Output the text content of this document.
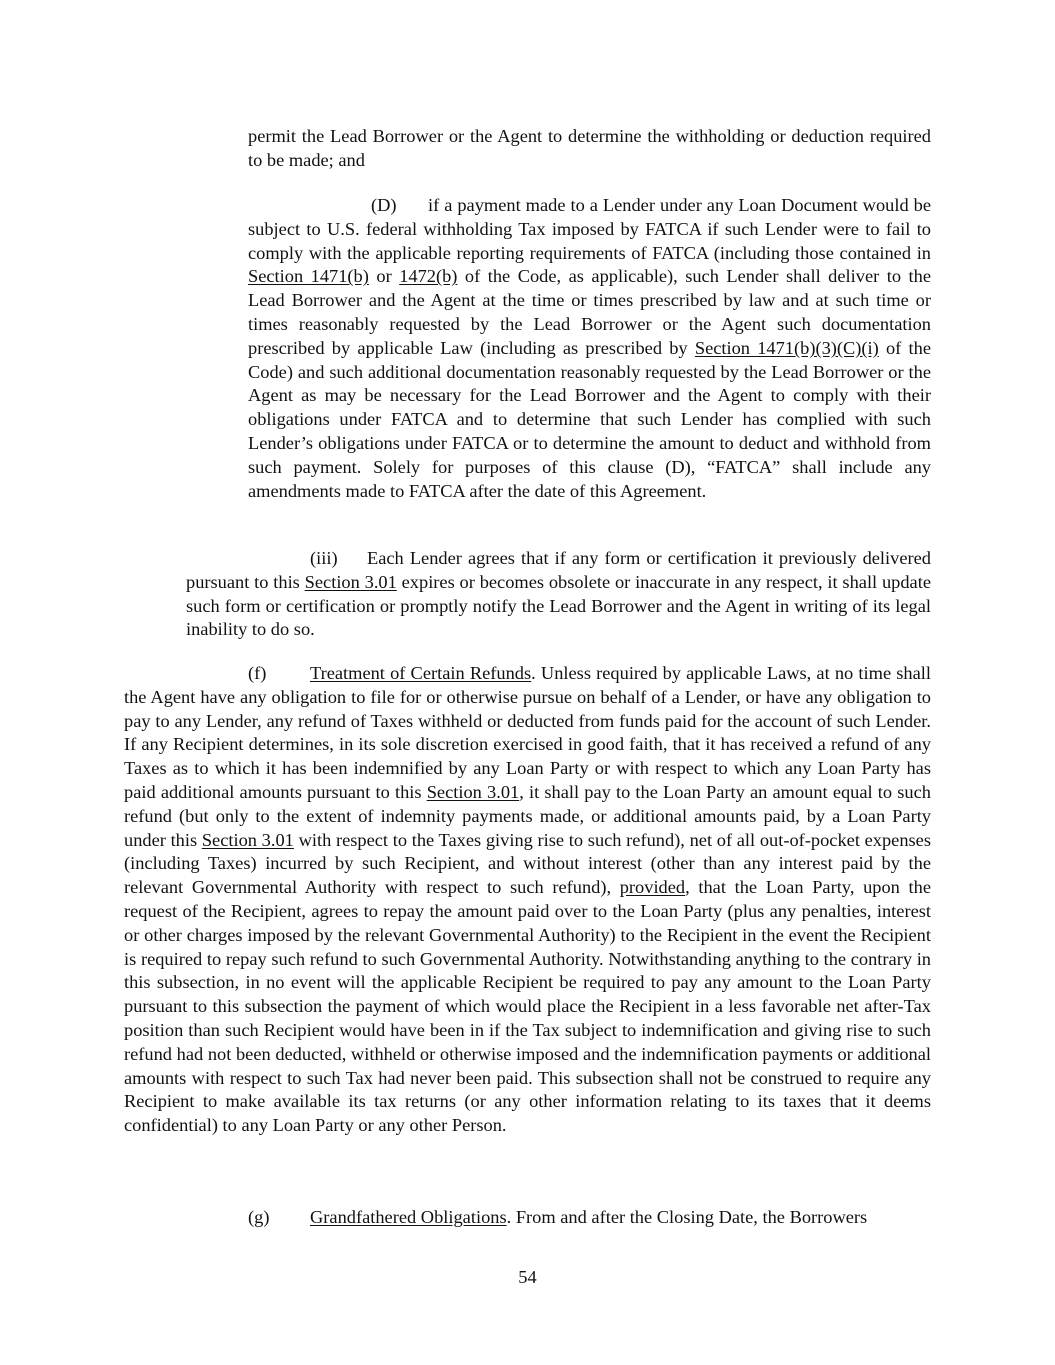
permit the Lead Borrower or the Agent to determine the withholding or deduction required to be made; and

(D) if a payment made to a Lender under any Loan Document would be subject to U.S. federal withholding Tax imposed by FATCA if such Lender were to fail to comply with the applicable reporting requirements of FATCA (including those contained in Section 1471(b) or 1472(b) of the Code, as applicable), such Lender shall deliver to the Lead Borrower and the Agent at the time or times prescribed by law and at such time or times reasonably requested by the Lead Borrower or the Agent such documentation prescribed by applicable Law (including as prescribed by Section 1471(b)(3)(C)(i) of the Code) and such additional documentation reasonably requested by the Lead Borrower or the Agent as may be necessary for the Lead Borrower and the Agent to comply with their obligations under FATCA and to determine that such Lender has complied with such Lender’s obligations under FATCA or to determine the amount to deduct and withhold from such payment. Solely for purposes of this clause (D), “FATCA” shall include any amendments made to FATCA after the date of this Agreement.

(iii) Each Lender agrees that if any form or certification it previously delivered pursuant to this Section 3.01 expires or becomes obsolete or inaccurate in any respect, it shall update such form or certification or promptly notify the Lead Borrower and the Agent in writing of its legal inability to do so.

(f) Treatment of Certain Refunds. Unless required by applicable Laws, at no time shall the Agent have any obligation to file for or otherwise pursue on behalf of a Lender, or have any obligation to pay to any Lender, any refund of Taxes withheld or deducted from funds paid for the account of such Lender. If any Recipient determines, in its sole discretion exercised in good faith, that it has received a refund of any Taxes as to which it has been indemnified by any Loan Party or with respect to which any Loan Party has paid additional amounts pursuant to this Section 3.01, it shall pay to the Loan Party an amount equal to such refund (but only to the extent of indemnity payments made, or additional amounts paid, by a Loan Party under this Section 3.01 with respect to the Taxes giving rise to such refund), net of all out-of-pocket expenses (including Taxes) incurred by such Recipient, and without interest (other than any interest paid by the relevant Governmental Authority with respect to such refund), provided, that the Loan Party, upon the request of the Recipient, agrees to repay the amount paid over to the Loan Party (plus any penalties, interest or other charges imposed by the relevant Governmental Authority) to the Recipient in the event the Recipient is required to repay such refund to such Governmental Authority. Notwithstanding anything to the contrary in this subsection, in no event will the applicable Recipient be required to pay any amount to the Loan Party pursuant to this subsection the payment of which would place the Recipient in a less favorable net after-Tax position than such Recipient would have been in if the Tax subject to indemnification and giving rise to such refund had not been deducted, withheld or otherwise imposed and the indemnification payments or additional amounts with respect to such Tax had never been paid. This subsection shall not be construed to require any Recipient to make available its tax returns (or any other information relating to its taxes that it deems confidential) to any Loan Party or any other Person.

(g) Grandfathered Obligations. From and after the Closing Date, the Borrowers

54
